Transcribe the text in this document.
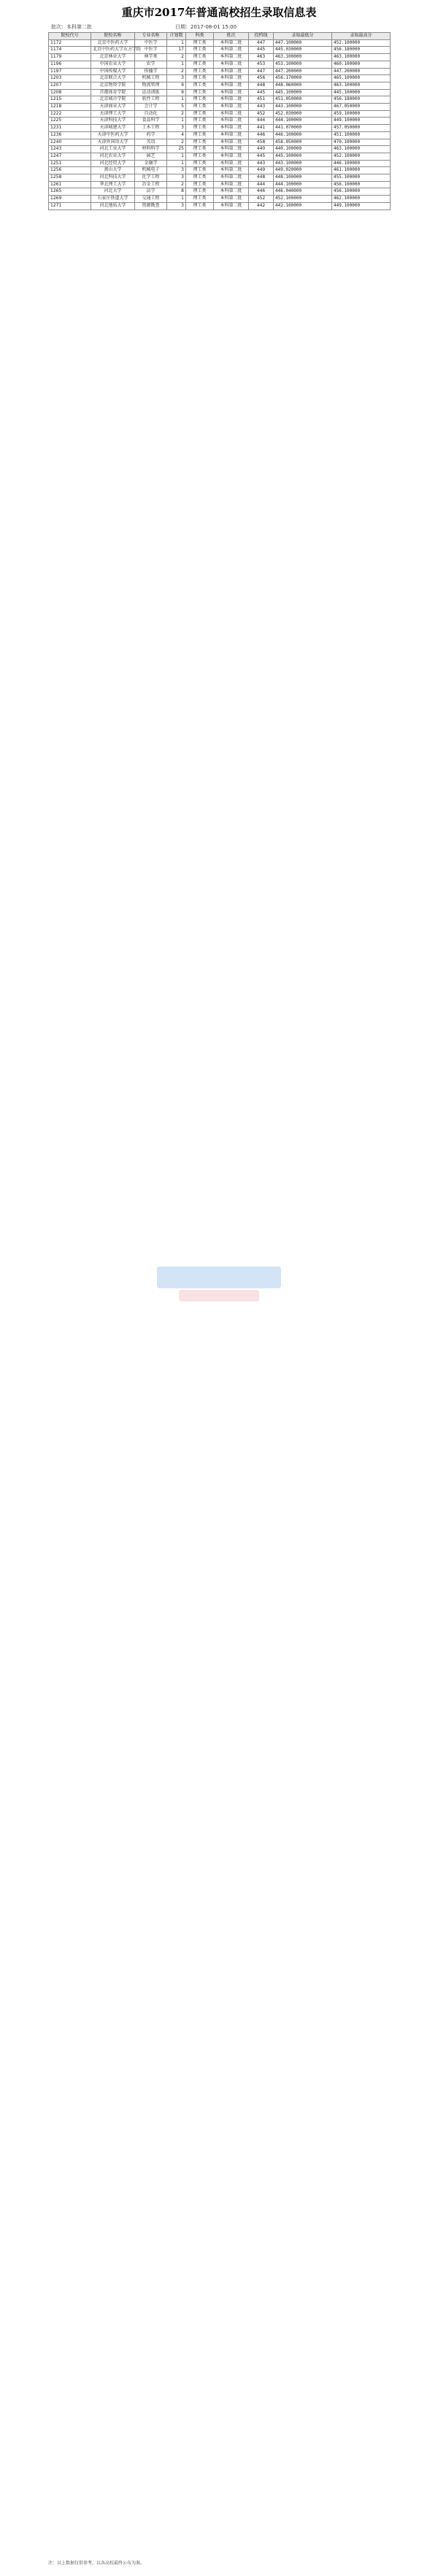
重庆市2017年普通高校招生录取信息表
批次：本科第二批	日期：2017-08-01 15:00
院校代号	院校名称	专业名称	计划数	科类	批次	投档线	录取最低分	录取最高分
1172	北京中医药大学	中医学	1	理工类	本科第二批	447	447.100000	452.100000
1174	北京中医药大学东方学院	中医学	17	理工类	本科第二批	445	445.030000	456.180000
1179	北京林业大学	林学类	2	理工类	本科第二批	463	463.100000	463.100000
1196	中国农业大学	农学	1	理工类	本科第二批	453	453.100000	460.100000
1197	中国传媒大学	传播学	2	理工类	本科第二批	447	447.200000	447.200000
1203	北京联合大学	机械工程	3	理工类	本科第二批	456	456.170000	465.100000
1207	北京物资学院	物流管理	9	理工类	本科第二批	448	448.060000	463.100000
1208	首都体育学院	运动训练	9	理工类	本科第二批	445	445.100000	445.100000
1215	北京城市学院	软件工程	1	理工类	本科第二批	451	451.050000	456.180000
1218	天津商业大学	会计学	5	理工类	本科第二批	443	443.100000	467.050000
1222	天津理工大学	自动化	2	理工类	本科第二批	452	452.030000	459.100000
1225	天津科技大学	食品科学	1	理工类	本科第二批	444	444.100000	449.100000
1231	天津城建大学	土木工程	3	理工类	本科第二批	441	441.070000	457.050000
1236	天津中医药大学	药学	4	理工类	本科第二批	446	446.100000	451.100000
1240	天津外国语大学	英语	2	理工类	本科第二批	458	458.050000	470.100000
1243	河北工业大学	材料科学	25	理工类	本科第二批	440	440.100000	463.100000
1247	河北农业大学	园艺	1	理工类	本科第二批	445	445.100000	452.100000
1251	河北经贸大学	金融学	1	理工类	本科第二批	443	443.100000	446.100000
1256	燕山大学	机械电子	3	理工类	本科第二批	449	449.020000	461.100000
1258	河北科技大学	化学工程	3	理工类	本科第二批	448	448.100000	455.100000
1261	华北理工大学	冶金工程	2	理工类	本科第二批	444	444.100000	456.100000
1265	河北大学	法学	8	理工类	本科第二批	446	446.040000	456.100000
1269	石家庄铁道大学	交通工程	1	理工类	本科第二批	452	452.100000	462.100000
1271	河北地质大学	资源勘查	3	理工类	本科第二批	442	442.100000	449.100000
注：以上数据仅供参考，以各高校最终公布为准。
